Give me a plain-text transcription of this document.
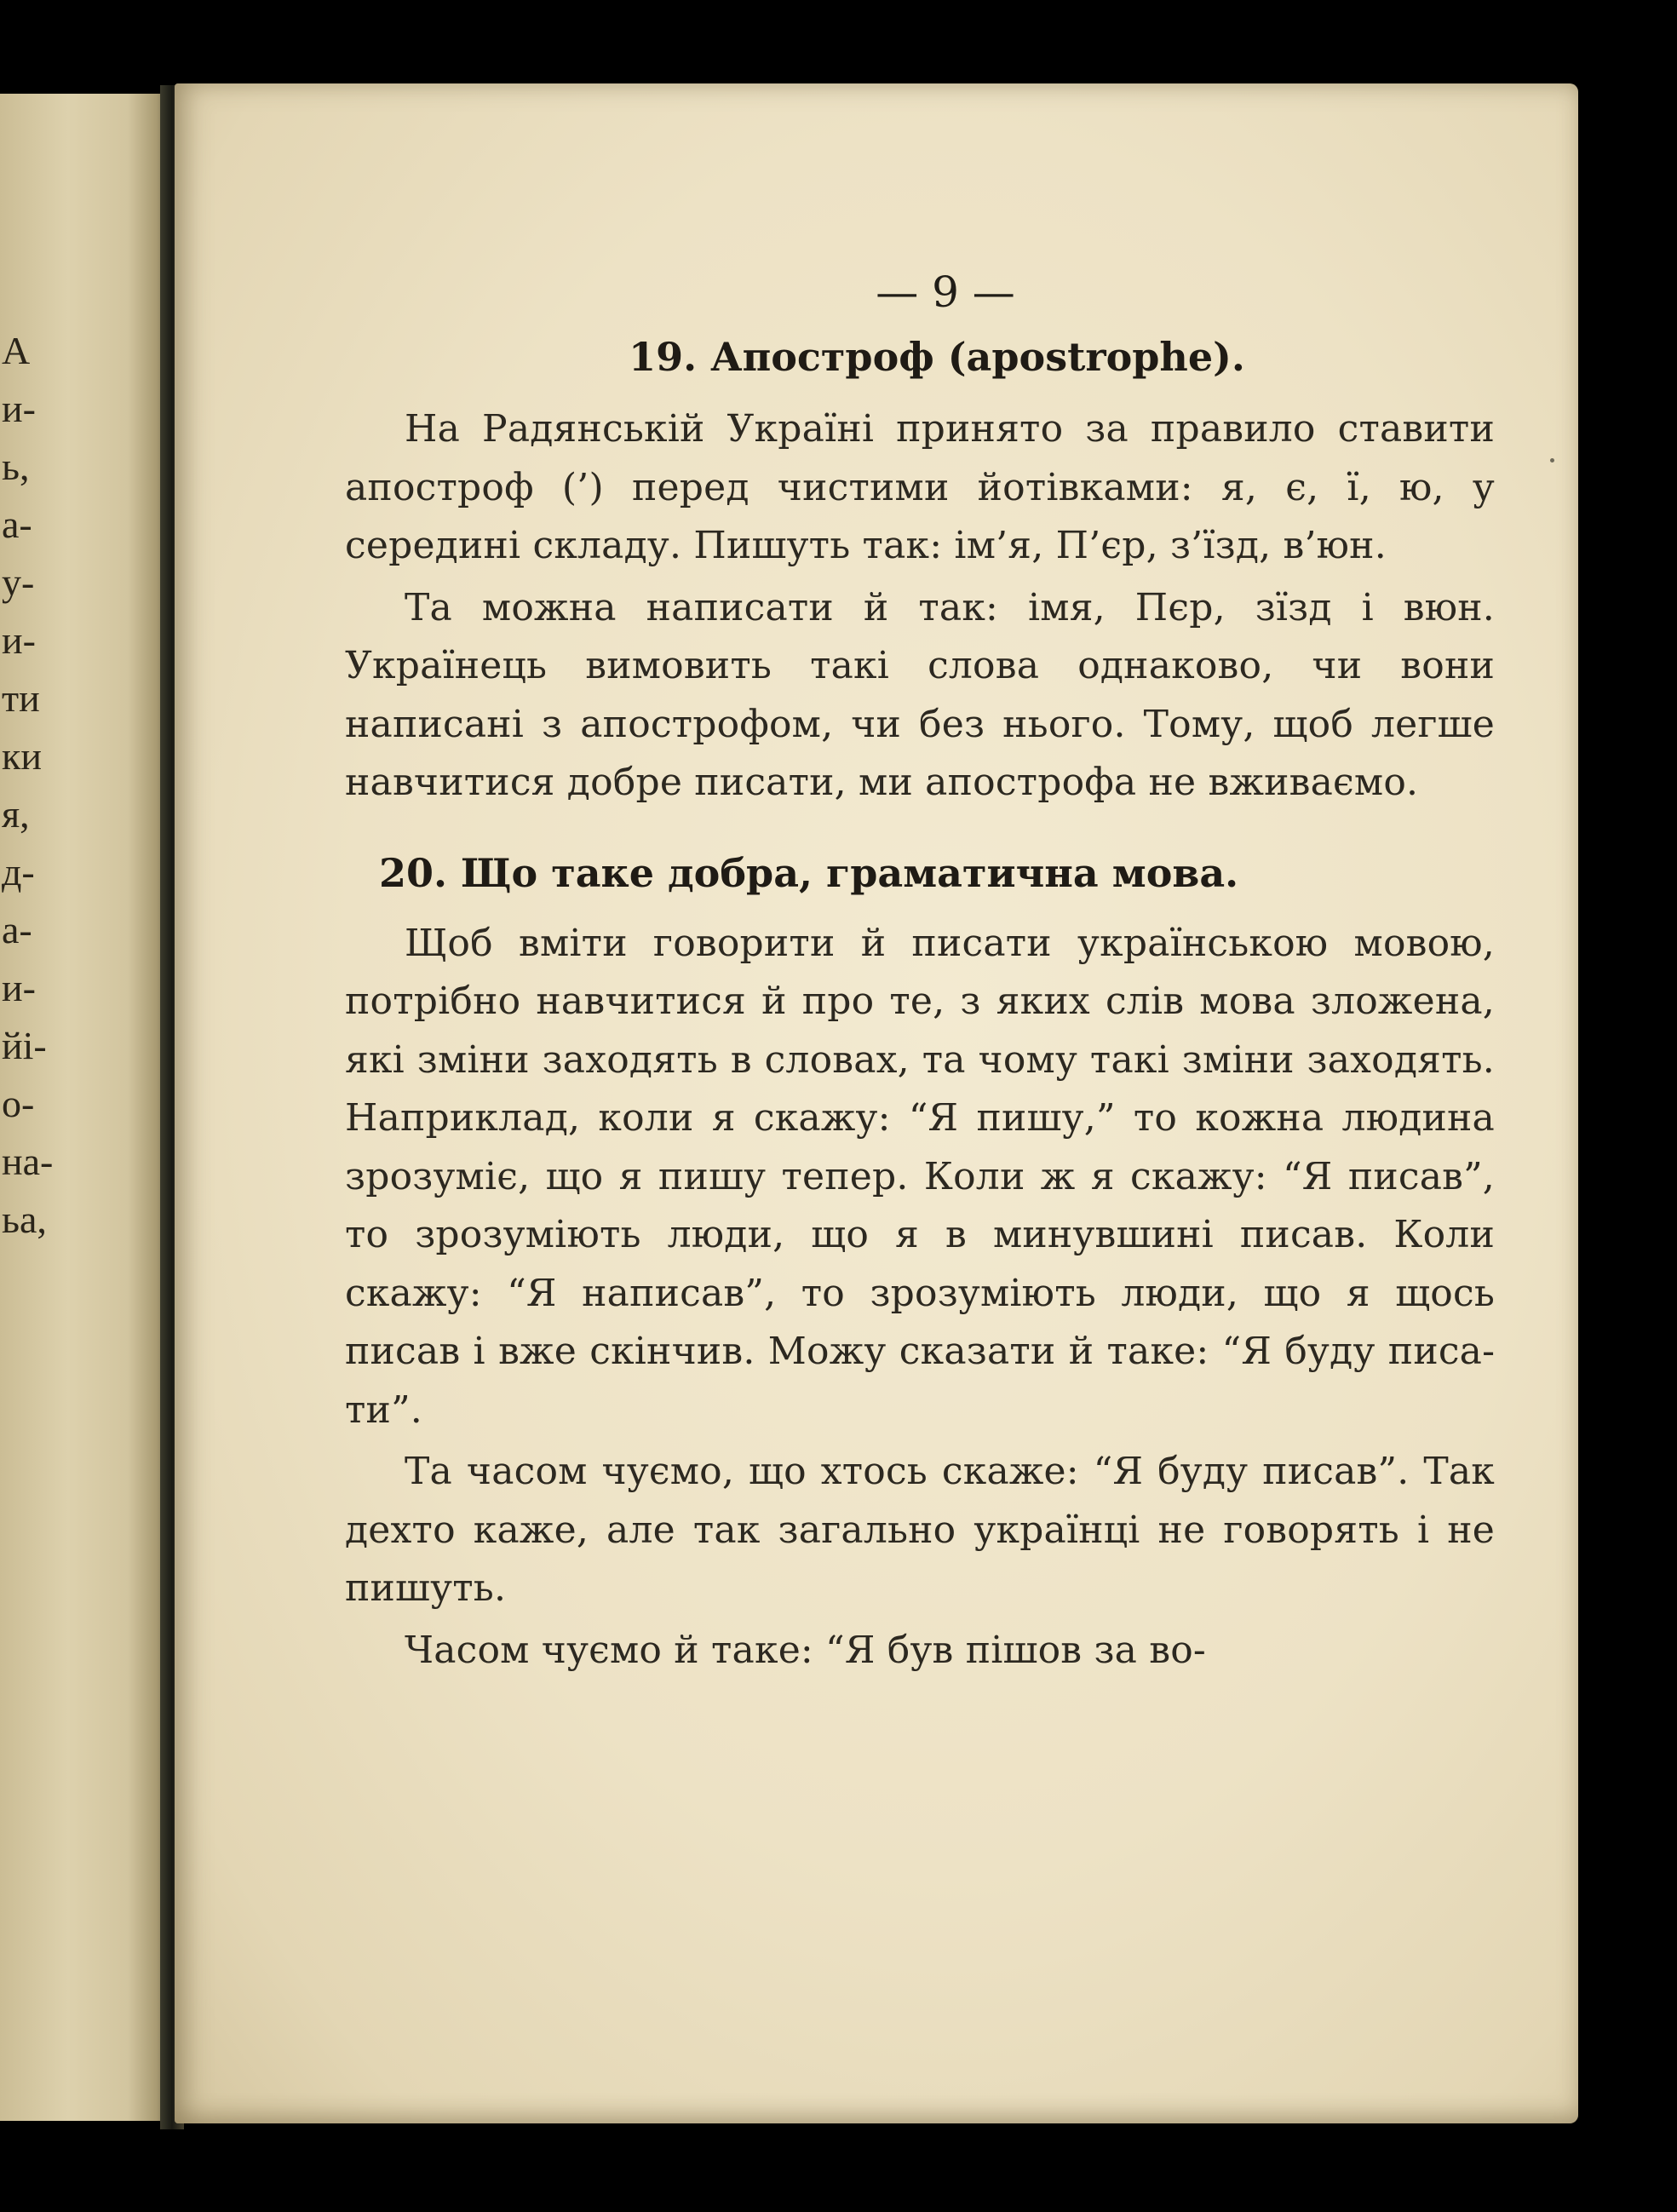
А
и-
ь,
а-
у-
и-
ти
ки
я,
д-
а-
и-
йі-
о-
на-
ьа,

— 9 —

19. Апостроф (apostrophe).

На Радянській Україні принято за правило ставити апостроф (’) перед чистими йотівками: я, є, ї, ю, у середині складу. Пишуть так: ім’я, П’єр, з’їзд, в’юн.

Та можна написати й так: імя, Пєр, зїзд і вюн. Українець вимовить такі слова однаково, чи вони написані з апострофом, чи без нього. Тому, щоб легше навчитися добре писати, ми апострофа не вживаємо.

20. Що таке добра, граматична мова.

Щоб вміти говорити й писати українською мовою, потрібно навчитися й про те, з яких слів мова зложена, які зміни заходять в словах, та чому такі зміни заходять. Наприклад, коли я скажу: “Я пишу,” то кожна людина зрозуміє, що я пишу тепер. Коли ж я скажу: “Я писав”, то зрозуміють люди, що я в минувшині писав. Коли скажу: “Я написав”, то зрозуміють люди, що я щось писав і вже скінчив. Можу сказати й таке: “Я буду писати”.

Та часом чуємо, що хтось скаже: “Я буду писав”. Так дехто каже, але так загально українці не говорять і не пишуть.

Часом чуємо й таке: “Я був пішов за во-
